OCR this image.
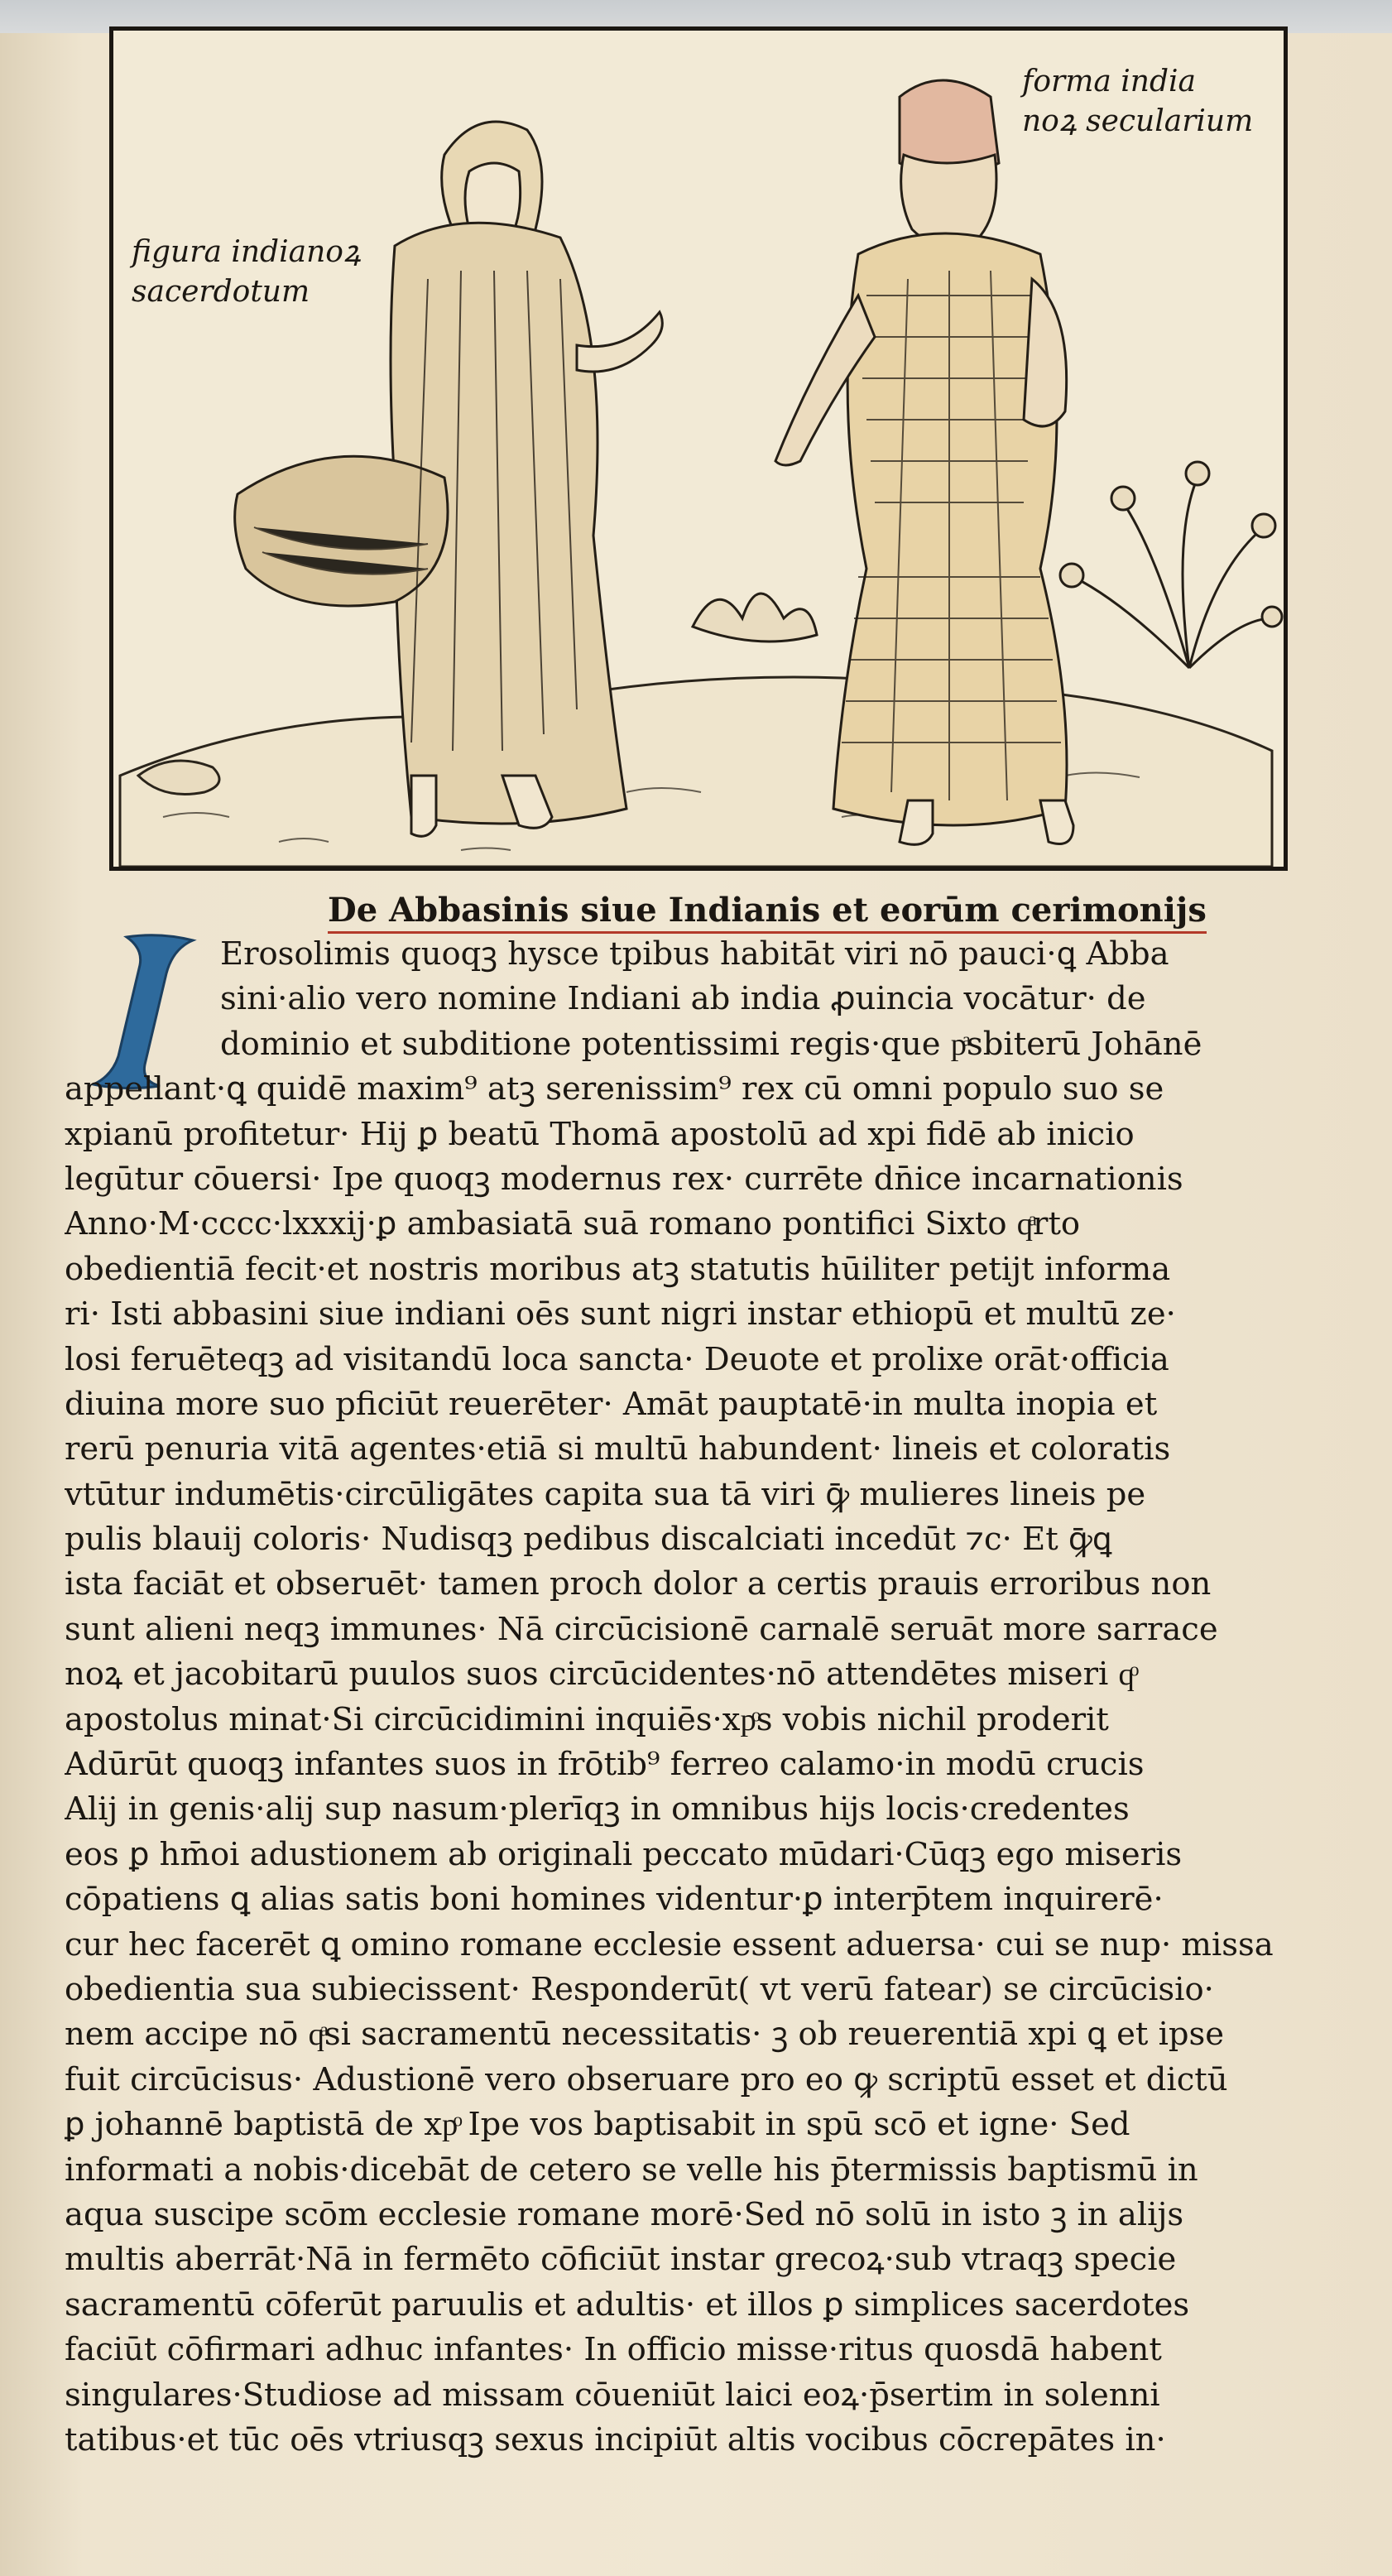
figura indianoꝝ
sacerdotum
forma india
noꝝ secularium
De Abbasinis siue Indianis et eorūm cerimonijs
Erosolimis quoqꝫ hysce tpibus habitāt viri nō pauci·ꝗ Abba
sini·alio vero nomine Indiani ab india ꝓuincia vocātur· de
dominio et subditione potentissimi regis·que pͣsbiterū Johānē
appellant·ꝗ quidē maxim⁹ atꝫ serenissim⁹ rex cū omni populo suo se
xpianū profitetur· Hij ꝑ beatū Thomā apostolū ad xpi fidē ab inicio
legūtur cōuersi· Ipe quoqꝫ modernus rex· currēte dn̄ice incarnationis
Anno·M·cccc·lxxxij·ꝑ ambasiatā suā romano pontifici Sixto qͣrto
obedientiā fecit·et nostris moribus atꝫ statutis hūiliter petijt informa
ri· Isti abbasini siue indiani oēs sunt nigri instar ethiopū et multū ze·
losi feruēteqꝫ ad visitandū loca sancta· Deuote et prolixe orāt·officia
diuina more suo pficiūt reuerēter· Amāt pauptatē·in multa inopia et
rerū penuria vitā agentes·etiā si multū habundent· lineis et coloratis
vtūtur indumētis·circūligātes capita sua tā viri ꝙ̄ mulieres lineis pe
pulis blauij coloris· Nudisqꝫ pedibus discalciati incedūt ⁊c· Et ꝙ̄ꝗ
ista faciāt et obseruēt· tamen proch dolor a certis prauis erroribus non
sunt alieni neqꝫ immunes· Nā circūcisionē carnalē seruāt more sarrace
noꝝ et jacobitarū puulos suos circūcidentes·nō attendētes miseri qͦ
apostolus minat·Si circūcidimini inquiēs·xpͦs vobis nichil proderit
Adūrūt quoqꝫ infantes suos in frōtib⁹ ferreo calamo·in modū crucis
Alij in genis·alij sup nasum·plerīqꝫ in omnibus hijs locis·credentes
eos ꝑ hm̄oi adustionem ab originali peccato mūdari·Cūqꝫ ego miseris
cōpatiens ꝗ alias satis boni homines videntur·ꝑ interp̄tem inquirerē·
cur hec facerēt ꝗ omino romane ecclesie essent aduersa· cui se nup· missa
obedientia sua subiecissent· Responderūt( vt verū fatear) se circūcisio·
nem accipe nō qͣsi sacramentū necessitatis· ꝫ ob reuerentiā xpi ꝗ et ipse
fuit circūcisus· Adustionē vero obseruare pro eo ꝙ scriptū esset et dictū
ꝑ johannē baptistā de xpͦ Ipe vos baptisabit in spū scō et igne· Sed
informati a nobis·dicebāt de cetero se velle his p̄termissis baptismū in
aqua suscipe scōm ecclesie romane morē·Sed nō solū in isto ꝫ in alijs
multis aberrāt·Nā in fermēto cōficiūt instar grecoꝝ·sub vtraqꝫ specie
sacramentū cōferūt paruulis et adultis· et illos ꝑ simplices sacerdotes
faciūt cōfirmari adhuc infantes· In officio misse·ritus quosdā habent
singulares·Studiose ad missam cōueniūt laici eoꝝ·p̄sertim in solenni
tatibus·et tūc oēs vtriusqꝫ sexus incipiūt altis vocibus cōcrepātes in·
